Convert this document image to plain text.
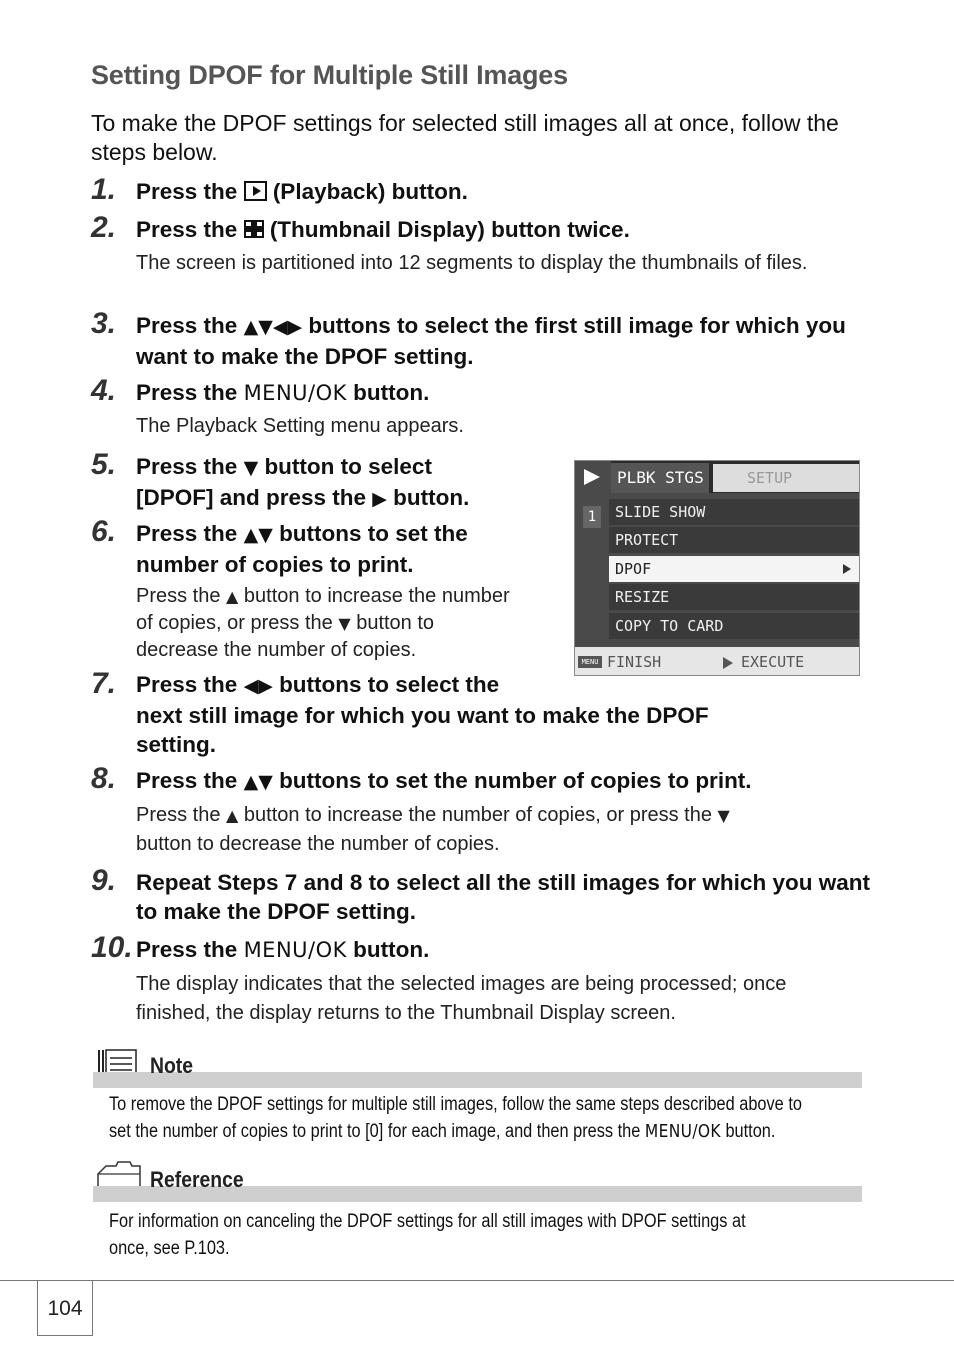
Setting DPOF for Multiple Still Images
To make the DPOF settings for selected still images all at once, follow the steps below.
1. Press the  (Playback) button.
2. Press the
(Thumbnail Display) button twice.
The screen is partitioned into 12 segments to display the thumbnails of files.
3. Press the ▲▼◀▶ buttons to select the first still image for which you want to make the DPOF setting.
4. Press the MENU/OK button.
The Playback Setting menu appears.
5. Press the ▼ button to select
[DPOF] and press the ▶ button.
6. Press the ▲▼ buttons to set the
number of copies to print.
Press the ▲ button to increase the number
of copies, or press the ▼ button to
decrease the number of copies.
PLBK STGS	SETUP
1	SLIDE SHOW
PROTECT
DPOF
RESIZE
COPY TO CARD
MENU FINISH	EXECUTE
7. Press the ◀▶ buttons to select the
next still image for which you want to make the DPOF
setting.
8. Press the ▲▼ buttons to set the number of copies to print.
Press the ▲ button to increase the number of copies, or press the ▼
button to decrease the number of copies.
9. Repeat Steps 7 and 8 to select all the still images for which you want to make the DPOF setting.
10. Press the MENU/OK button.
The display indicates that the selected images are being processed; once finished, the display returns to the Thumbnail Display screen.
Note
To remove the DPOF settings for multiple still images, follow the same steps described above to
set the number of copies to print to [0] for each image, and then press the MENU/OK button.
Reference
For information on canceling the DPOF settings for all still images with DPOF settings at
once, see P.103.
104
